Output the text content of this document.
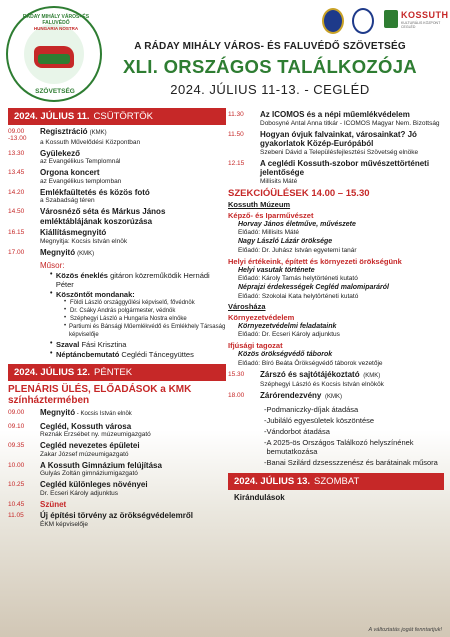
RÁDAY MIHÁLY VÁROS- ÉS FALUVÉDŐ
SZÖVETSÉG
HUNGARIA NOSTRA
KOSSUTH
KULTURÁLIS KÖZPONT CEGLÉD
A RÁDAY MIHÁLY VÁROS- ÉS FALUVÉDŐ SZÖVETSÉG
XLI. ORSZÁGOS TALÁLKOZÓJA
2024. JÚLIUS 11-13. - CEGLÉD
2024. JÚLIUS 11. CSÜTÖRTÖK
09.00 -13.00
Regisztráció (KMK)
a Kossuth Művelődési Központban
13.30	Gyülekező
az Evangélikus Templomnál
13.45	Orgona koncert
az Evangélikus templomban
14.20	Emlékfaültetés és közös fotó
a Szabadság téren
14.50	Városnéző séta és Márkus János emléktáblájának koszorúzása
16.15	Kiállításmegnyitó
Megnyitja: Kocsis István elnök
17.00	Megnyitó (KMK)
Műsor:
• Közös éneklés gitáron közreműködik Hernádi Péter
• Köszöntőt mondanak:
• Földi László országgyűlési képviselő, fővédnök
• Dr. Csáky András polgármester, védnök
• Széphegyi László a Hungaria Nostra elnöke
• Partiumi és Bánsági Műemlékvédő és Emlékhely Társaság képviselője
• Szaval Fási Krisztina
• Néptáncbemutató Ceglédi Táncegyüttes
2024. JÚLIUS 12. PÉNTEK
PLENÁRIS ÜLÉS, ELŐADÁSOK a KMK színháztermében
09.00	Megnyitó - Kocsis István elnök
09.10	Cegléd, Kossuth városa
Reznák Erzsébet ny. múzeumigazgató
09.35	Cegléd nevezetes épületei
Zakar József múzeumigazgató
10.00	A Kossuth Gimnázium felújítása
Gulyás Zoltán gimnáziumigazgató
10.25	Cegléd különleges növényei
Dr. Ecseri Károly adjunktus
10.45	Szünet
11.05	Új építési törvény az örökségvédelemről
ÉKM képviselője
11.30	Az ICOMOS és a népi műemlékvédelem
Dobosyné Antal Anna titkár - ICOMOS Magyar Nem. Bizottság
11.50	Hogyan óvjuk falvainkat, városainkat? Jó gyakorlatok Közép-Európából
Szebeni Dávid a Településfejlesztési Szövetség elnöke
12.15	A ceglédi Kossuth-szobor művészettörténeti jelentősége
Millisits Máté
SZEKCIÓÜLÉSEK 14.00 – 15.30
Kossuth Múzeum
Képző- és Iparművészet
Horvay János életműve, művészete
Előadó: Millisits Máté
Nagy László Lázár öröksége
Előadó: Dr. Juhász István egyetemi tanár
Helyi értékeink, épített és környezeti örökségünk
Helyi vasutak története
Előadó: Károly Tamás helytörténeti kutató
Néprajzi érdekességek Cegléd malomiparáról
Előadó: Szokolai Kata helytörténeti kutató
Városháza
Környezetvédelem
Környezetvédelmi feladataink
Előadó: Dr. Ecseri Károly adjunktus
Ifjúsági tagozat
Közös örökségvédő táborok
Előadó: Bíró Beáta Örökségvédő táborok vezetője
15.30	Zárszó és sajtótájékoztató (KMK)
Széphegyi László és Kocsis István elnökök
18.00	Zárórendezvény (KMK)
- Podmaniczky-díjak átadása
- Jubiláló egyesületek köszöntése
- Vándorbot átadása
- A 2025-ös Országos Találkozó helyszínének bemutatkozása
- Banai Szilárd dzsesszzenész és barátainak műsora
2024. JÚLIUS 13. SZOMBAT
Kirándulások
A változtatás jogát fenntartjuk!
